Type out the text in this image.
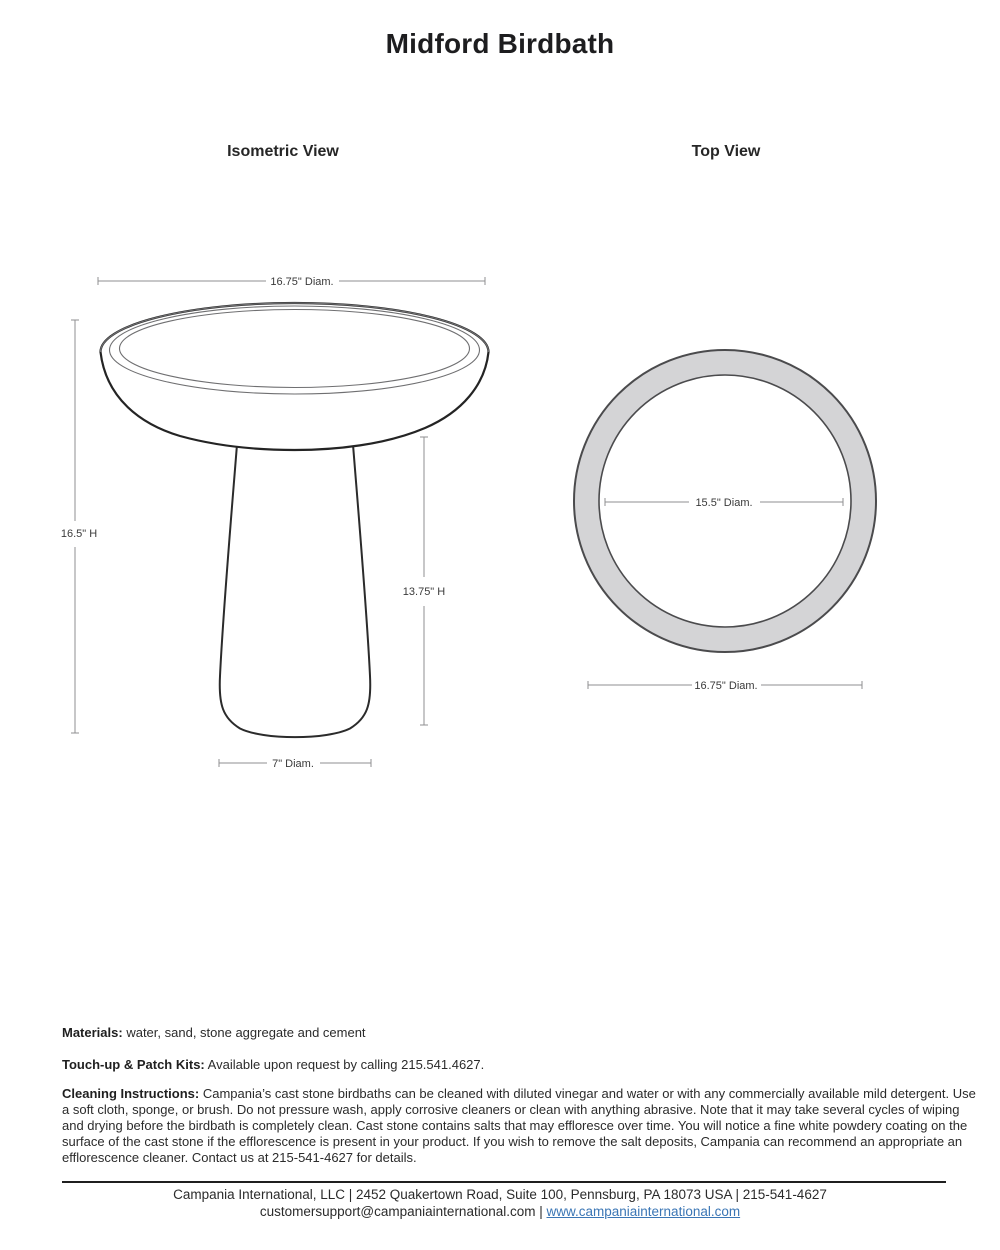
Midford Birdbath
Isometric View	Top View
16.75" Diam.
16.5" H
13.75" H
7" Diam.
15.5" Diam.
16.75" Diam.

Materials: water, sand, stone aggregate and cement

Touch-up & Patch Kits: Available upon request by calling 215.541.4627.

Cleaning Instructions: Campania’s cast stone birdbaths can be cleaned with diluted vinegar and water or with any commercially available mild detergent. Use
a soft cloth, sponge, or brush. Do not pressure wash, apply corrosive cleaners or clean with anything abrasive. Note that it may take several cycles of wiping
and drying before the birdbath is completely clean. Cast stone contains salts that may effloresce over time. You will notice a fine white powdery coating on the
surface of the cast stone if the efflorescence is present in your product. If you wish to remove the salt deposits, Campania can recommend an appropriate an
efflorescence cleaner. Contact us at 215-541-4627 for details.
Campania International, LLC | 2452 Quakertown Road, Suite 100, Pennsburg, PA 18073 USA | 215-541-4627
customersupport@campaniainternational.com | www.campaniainternational.com
